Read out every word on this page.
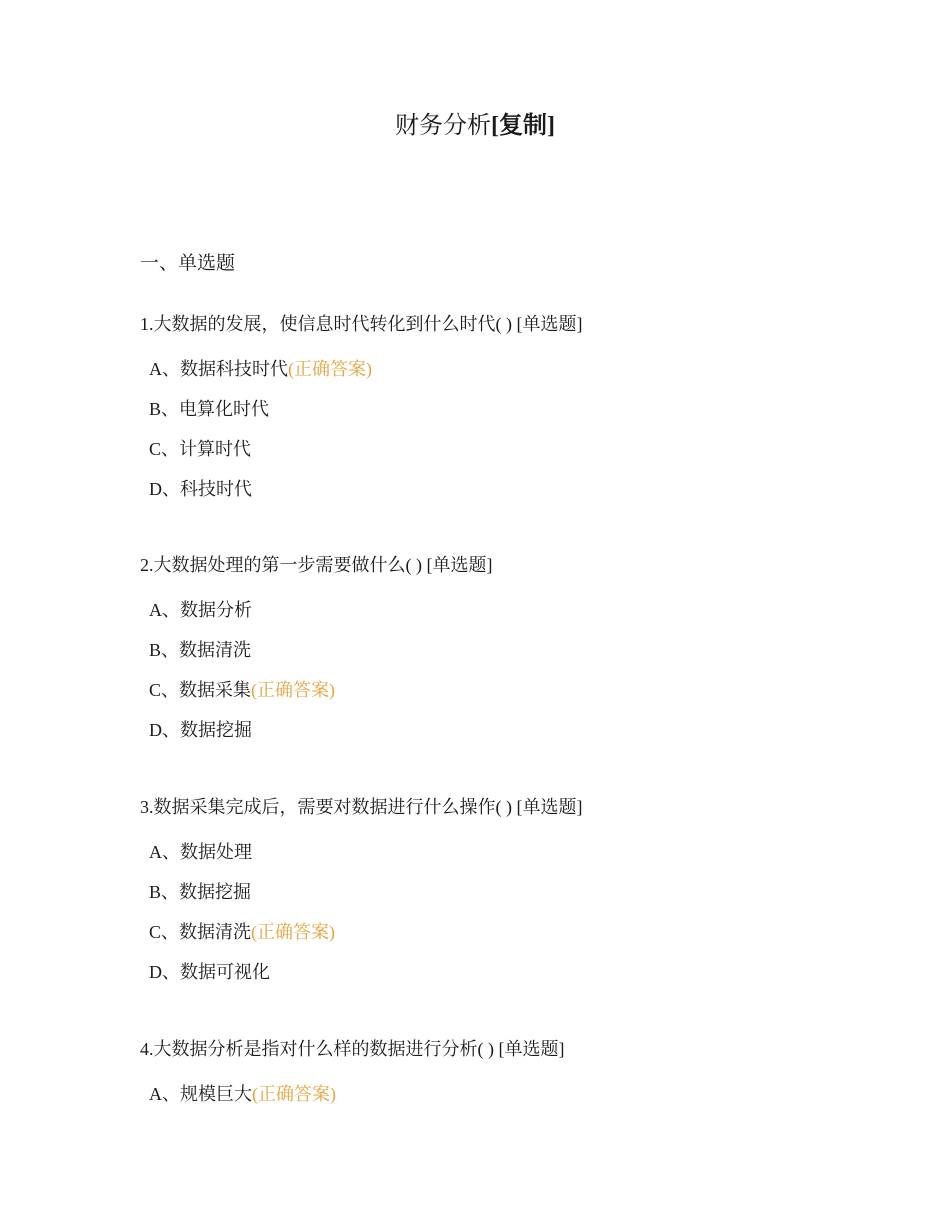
财务分析[复制]
一、单选题

1.大数据的发展，使信息时代转化到什么时代( ) [单选题]

A、数据科技时代(正确答案)
B、电算化时代
C、计算时代
D、科技时代

2.大数据处理的第一步需要做什么( ) [单选题]

A、数据分析
B、数据清洗
C、数据采集(正确答案)
D、数据挖掘

3.数据采集完成后，需要对数据进行什么操作( ) [单选题]

A、数据处理
B、数据挖掘
C、数据清洗(正确答案)
D、数据可视化

4.大数据分析是指对什么样的数据进行分析( ) [单选题]

A、规模巨大(正确答案)
